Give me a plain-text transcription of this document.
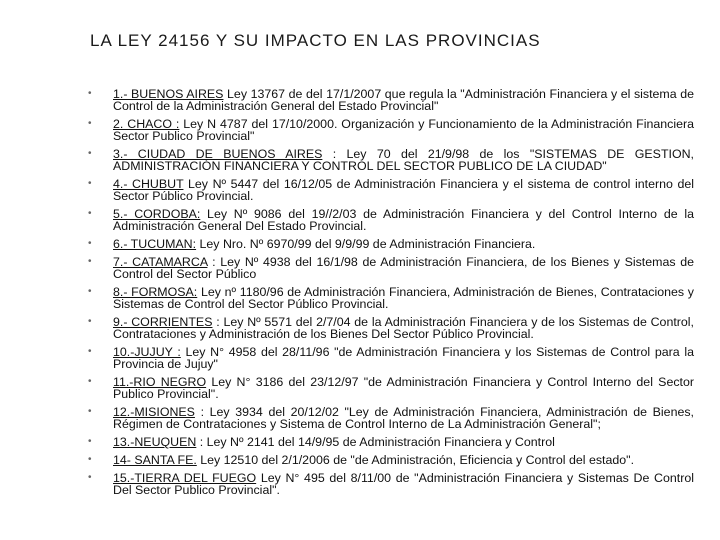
LA LEY 24156 Y SU IMPACTO EN LAS PROVINCIAS
• 1.- BUENOS AIRES Ley 13767 de del 17/1/2007 que regula la "Administración Financiera y el sistema de Control de la Administración General del Estado Provincial"
• 2. CHACO : Ley N 4787 del 17/10/2000. Organización y Funcionamiento de la Administración Financiera Sector Publico Provincial"
• 3.- CIUDAD DE BUENOS AIRES : Ley 70 del 21/9/98 de los "SISTEMAS DE GESTION, ADMINISTRACIÓN FINANCIERA Y CONTROL DEL SECTOR PUBLICO DE LA CIUDAD"
• 4.- CHUBUT Ley Nº 5447 del 16/12/05 de Administración Financiera y el sistema de control interno del Sector Público Provincial.
• 5.- CORDOBA: Ley Nº 9086 del 19//2/03 de Administración Financiera y del Control Interno de la Administración General Del Estado Provincial.
• 6.- TUCUMAN: Ley Nro. Nº 6970/99 del 9/9/99 de Administración Financiera.
• 7.- CATAMARCA : Ley Nº 4938 del 16/1/98 de Administración Financiera, de los Bienes y Sistemas de Control del Sector Público
• 8.- FORMOSA: Ley nº 1180/96 de Administración Financiera, Administración de Bienes, Contrataciones y Sistemas de Control del Sector Público Provincial.
• 9.- CORRIENTES : Ley Nº 5571 del 2/7/04 de la Administración Financiera y de los Sistemas de Control, Contrataciones y Administración de los Bienes Del Sector Público Provincial.
• 10.-JUJUY : Ley N° 4958 del 28/11/96 "de Administración Financiera y los Sistemas de Control para la Provincia de Jujuy"
• 11.-RIO NEGRO Ley N° 3186 del 23/12/97 "de Administración Financiera y Control Interno del Sector Publico Provincial".
• 12.-MISIONES : Ley 3934 del 20/12/02 "Ley de Administración Financiera, Administración de Bienes, Régimen de Contrataciones y Sistema de Control Interno de La Administración General";
• 13.-NEUQUEN : Ley Nº 2141 del 14/9/95 de Administración Financiera y Control
• 14- SANTA FE. Ley 12510 del 2/1/2006 de "de Administración, Eficiencia y Control del estado".
• 15.-TIERRA DEL FUEGO Ley N° 495 del 8/11/00 de "Administración Financiera y Sistemas De Control Del Sector Publico Provincial".
